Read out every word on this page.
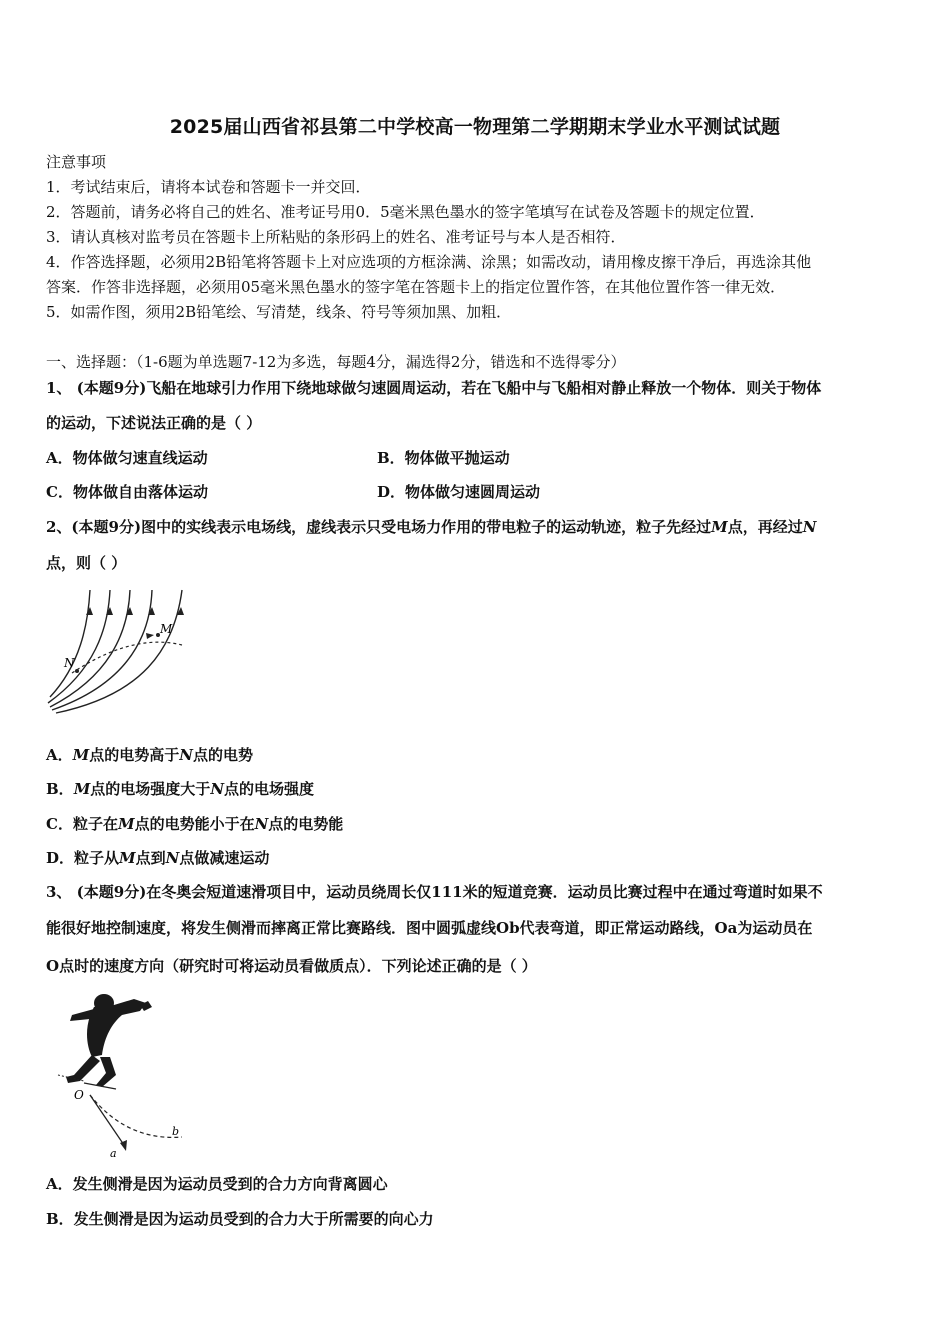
2025届山西省祁县第二中学校高一物理第二学期期末学业水平测试试题
注意事项
1．考试结束后，请将本试卷和答题卡一并交回．
2．答题前，请务必将自己的姓名、准考证号用0．5毫米黑色墨水的签字笔填写在试卷及答题卡的规定位置．
3．请认真核对监考员在答题卡上所粘贴的条形码上的姓名、准考证号与本人是否相符．
4．作答选择题，必须用2B铅笔将答题卡上对应选项的方框涂满、涂黑；如需改动，请用橡皮擦干净后，再选涂其他
答案．作答非选择题，必须用05毫米黑色墨水的签字笔在答题卡上的指定位置作答，在其他位置作答一律无效．
5．如需作图，须用2B铅笔绘、写清楚，线条、符号等须加黑、加粗．
一、选择题：（1-6题为单选题7-12为多选，每题4分，漏选得2分，错选和不选得零分）
1、 (本题9分)飞船在地球引力作用下绕地球做匀速圆周运动，若在飞船中与飞船相对静止释放一个物体．则关于物体
的运动，下述说法正确的是（ ）
A．物体做匀速直线运动	B．物体做平抛运动
C．物体做自由落体运动	D．物体做匀速圆周运动
2、(本题9分)图中的实线表示电场线，虚线表示只受电场力作用的带电粒子的运动轨迹，粒子先经过M点，再经过N
点，则（ ）
M
N
A．M点的电势高于N点的电势
B．M点的电场强度大于N点的电场强度
C．粒子在M点的电势能小于在N点的电势能
D．粒子从M点到N点做减速运动
3、 (本题9分)在冬奥会短道速滑项目中，运动员绕周长仅111米的短道竞赛．运动员比赛过程中在通过弯道时如果不
能很好地控制速度，将发生侧滑而摔离正常比赛路线．图中圆弧虚线Ob代表弯道，即正常运动路线，Oa为运动员在
O点时的速度方向（研究时可将运动员看做质点）．下列论述正确的是（ ）
O
a
b
A．发生侧滑是因为运动员受到的合力方向背离圆心
B．发生侧滑是因为运动员受到的合力大于所需要的向心力
